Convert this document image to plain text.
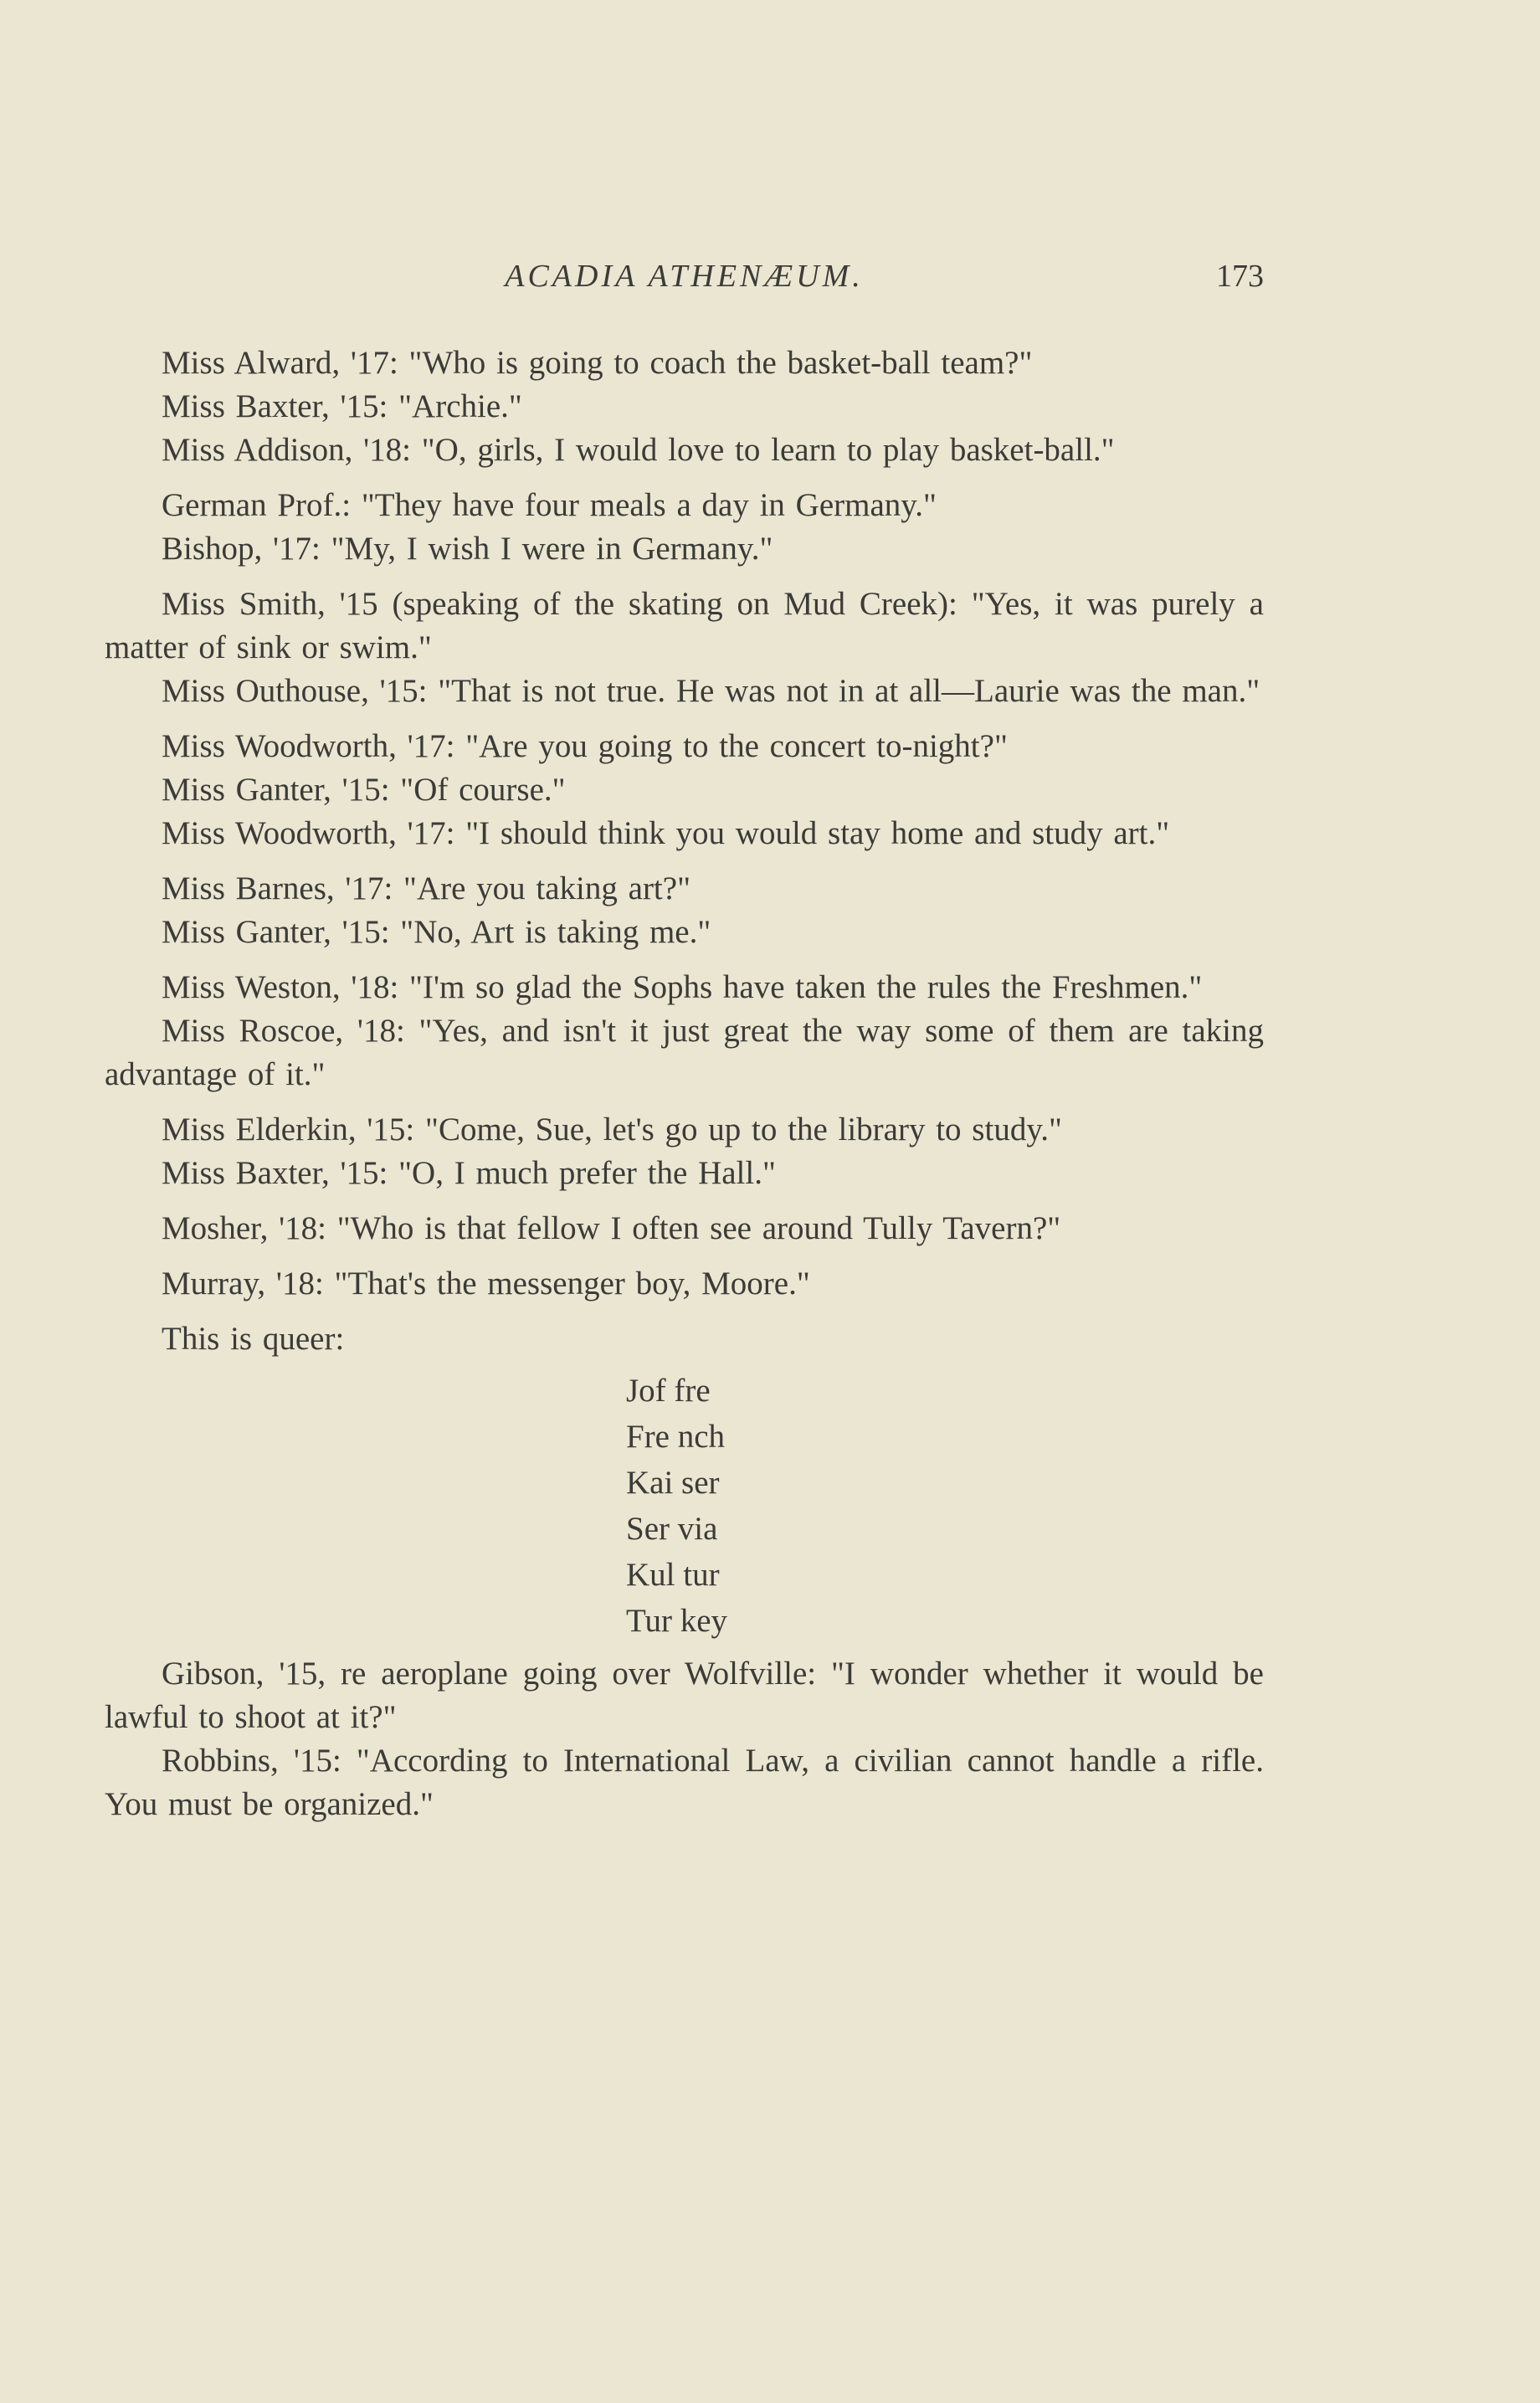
ACADIA ATHENÆUM.	173

Miss Alward, '17: "Who is going to coach the basket-ball team?"

Miss Baxter, '15: "Archie."

Miss Addison, '18: "O, girls, I would love to learn to play basket-ball."

German Prof.: "They have four meals a day in Germany."

Bishop, '17: "My, I wish I were in Germany."

Miss Smith, '15 (speaking of the skating on Mud Creek): "Yes, it was purely a matter of sink or swim."

Miss Outhouse, '15: "That is not true. He was not in at all—Laurie was the man."

Miss Woodworth, '17: "Are you going to the concert to-night?"

Miss Ganter, '15: "Of course."

Miss Woodworth, '17: "I should think you would stay home and study art."

Miss Barnes, '17: "Are you taking art?"

Miss Ganter, '15: "No, Art is taking me."

Miss Weston, '18: "I'm so glad the Sophs have taken the rules the Freshmen."

Miss Roscoe, '18: "Yes, and isn't it just great the way some of them are taking advantage of it."

Miss Elderkin, '15: "Come, Sue, let's go up to the library to study."

Miss Baxter, '15: "O, I much prefer the Hall."

Mosher, '18: "Who is that fellow I often see around Tully Tavern?"

Murray, '18: "That's the messenger boy, Moore."

This is queer:

Jof fre
Fre nch
Kai ser
Ser via
Kul tur
Tur key

Gibson, '15, re aeroplane going over Wolfville: "I wonder whether it would be lawful to shoot at it?"

Robbins, '15: "According to International Law, a civilian cannot handle a rifle. You must be organized."
